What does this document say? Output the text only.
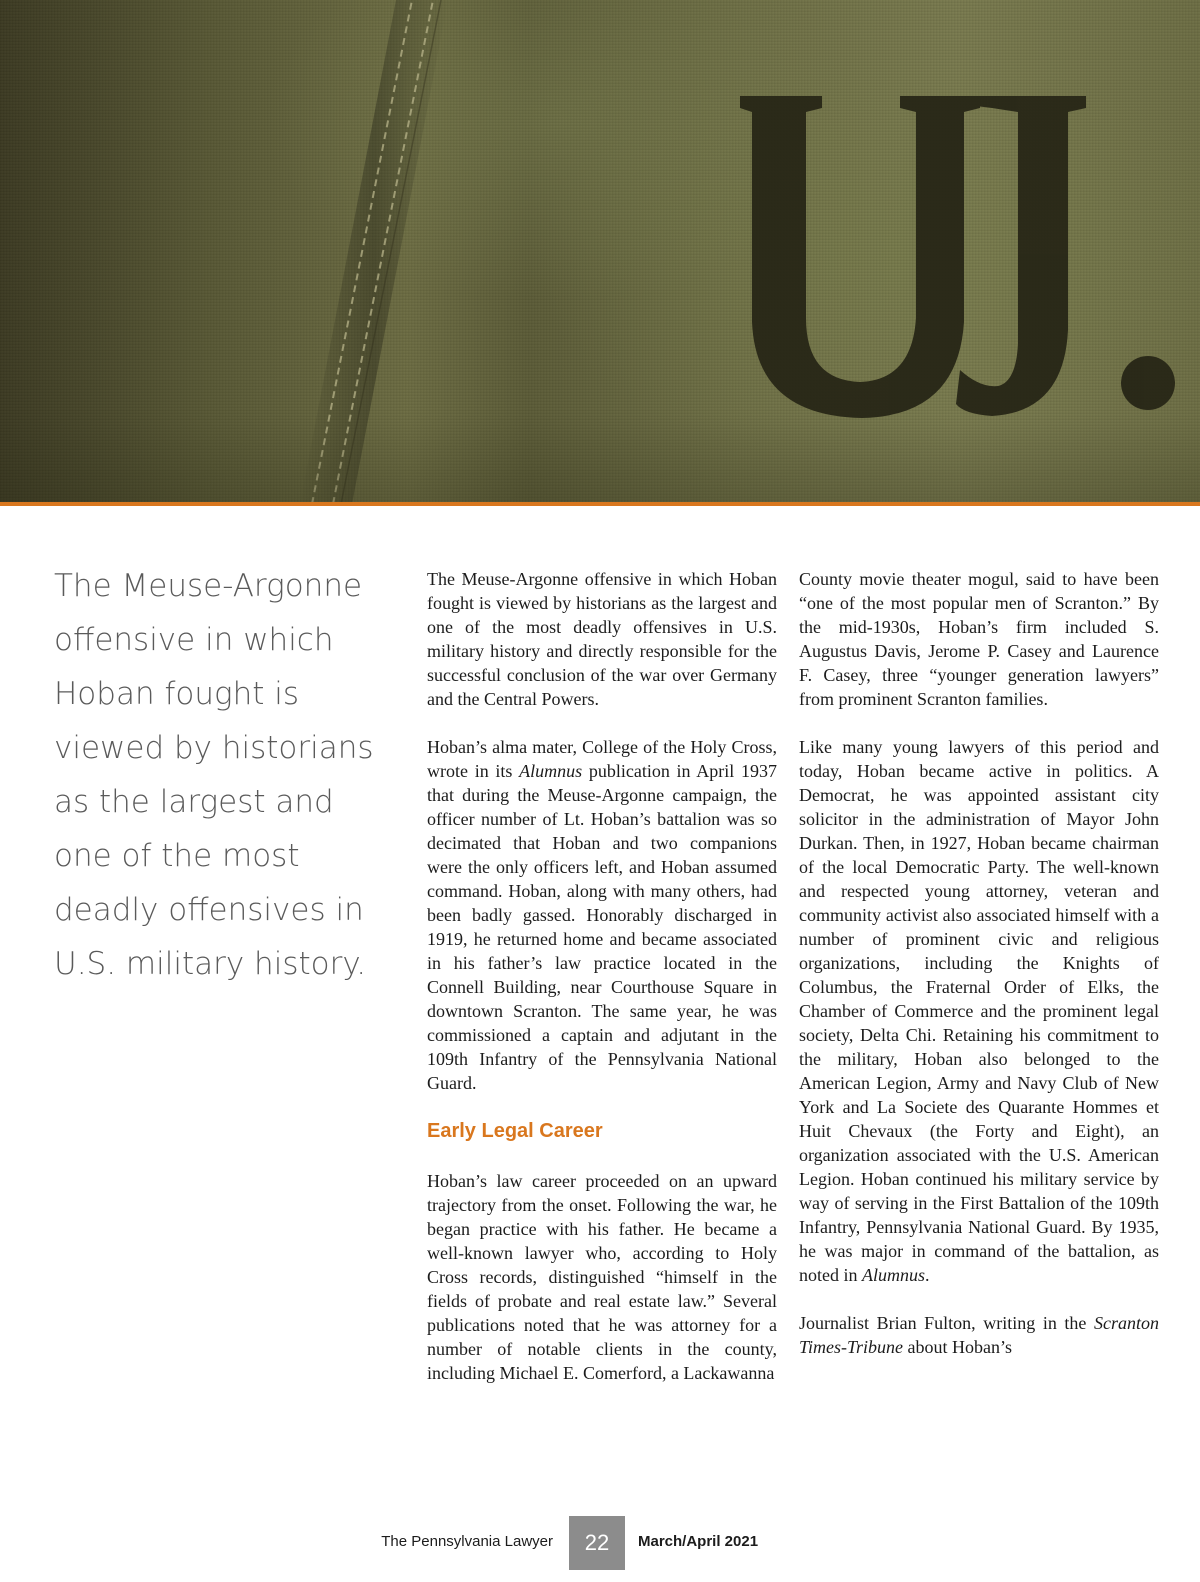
The Meuse-Argonne offensive in which Hoban fought is viewed by historians as the largest and one of the most deadly offensives in U.S. military history.

The Meuse-Argonne offensive in which Hoban fought is viewed by historians as the largest and one of the most deadly offensives in U.S. military history and directly responsible for the successful conclusion of the war over Germany and the Central Powers.

Hoban’s alma mater, College of the Holy Cross, wrote in its Alumnus publication in April 1937 that during the Meuse-Argonne campaign, the officer number of Lt. Hoban’s battalion was so decimated that Hoban and two companions were the only officers left, and Hoban assumed command. Hoban, along with many others, had been badly gassed. Honorably discharged in 1919, he returned home and became associated in his father’s law practice located in the Connell Building, near Courthouse Square in downtown Scranton. The same year, he was commissioned a captain and adjutant in the 109th Infantry of the Pennsylvania National Guard.

Early Legal Career

Hoban’s law career proceeded on an upward trajectory from the onset. Following the war, he began practice with his father. He became a well-known lawyer who, according to Holy Cross records, distinguished “himself in the fields of probate and real estate law.” Several publications noted that he was attorney for a number of notable clients in the county, including Michael E. Comerford, a Lackawanna

County movie theater mogul, said to have been “one of the most popular men of Scranton.” By the mid-1930s, Hoban’s firm included S. Augustus Davis, Jerome P. Casey and Laurence F. Casey, three “younger generation lawyers” from prominent Scranton families.

Like many young lawyers of this period and today, Hoban became active in politics. A Democrat, he was appointed assistant city solicitor in the administration of Mayor John Durkan. Then, in 1927, Hoban became chairman of the local Democratic Party. The well-known and respected young attorney, veteran and community activist also associated himself with a number of prominent civic and religious organizations, including the Knights of Columbus, the Fraternal Order of Elks, the Chamber of Commerce and the prominent legal society, Delta Chi. Retaining his commitment to the military, Hoban also belonged to the American Legion, Army and Navy Club of New York and La Societe des Quarante Hommes et Huit Chevaux (the Forty and Eight), an organization associated with the U.S. American Legion. Hoban continued his military service by way of serving in the First Battalion of the 109th Infantry, Pennsylvania National Guard. By 1935, he was major in command of the battalion, as noted in Alumnus.

Journalist Brian Fulton, writing in the Scranton Times-Tribune about Hoban’s

The Pennsylvania Lawyer	22	March/April 2021
